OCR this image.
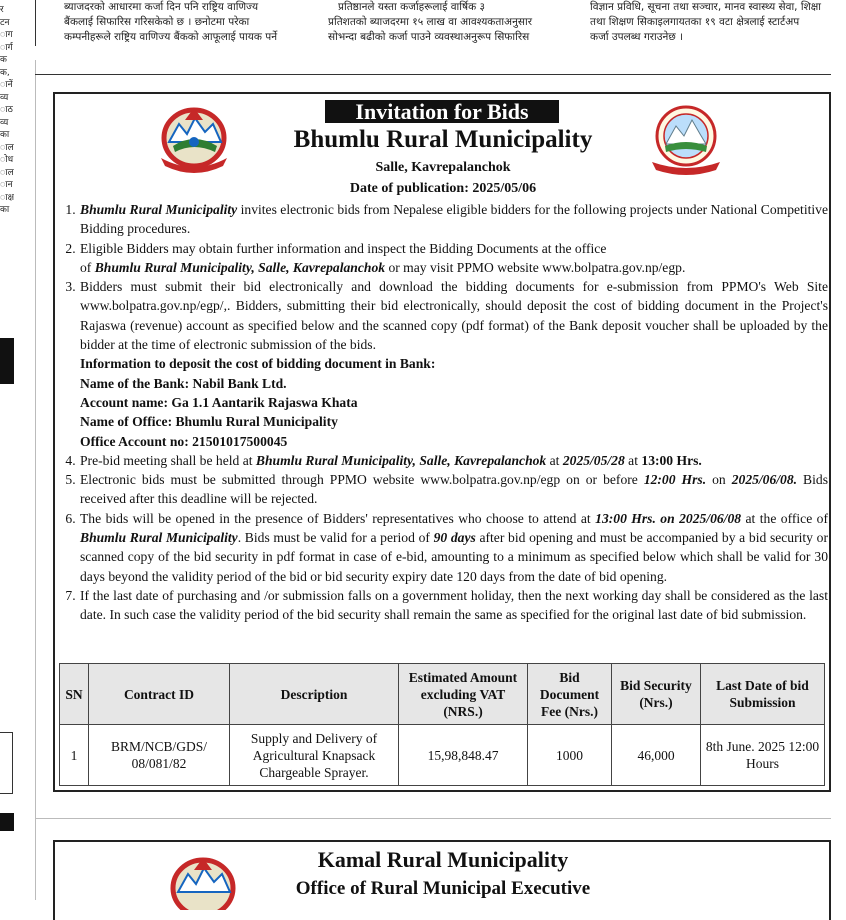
ब्याजदरको आधारमा कर्जा दिन पनि राष्ट्रिय वाणिज्य
बैंकलाई सिफारिस गरिसकेको छ । छनोटमा परेका
कम्पनीहरूले राष्ट्रिय वाणिज्य बैंकको आफूलाई पायक पर्ने
प्रतिष्ठानले यस्ता कर्जाहरूलाई वार्षिक ३
प्रतिशतको ब्याजदरमा १५ लाख वा आवश्यकताअनुसार
सोभन्दा बढीको कर्जा पाउने व्यवस्थाअनुरूप सिफारिस
विज्ञान प्रविधि, सूचना तथा सञ्चार, मानव स्वास्थ्य सेवा, शिक्षा
तथा शिक्षण सिकाइलगायतका १९ वटा क्षेत्रलाई स्टार्टअप
कर्जा उपलब्ध गराउनेछ ।
र
टन
ाग
ार्ग
क
क,
ानें
व्य
ाठ
व्य
का
ाल
ोध
ाल
ान
ाक्ष
का
Invitation for Bids
Bhumlu Rural Municipality
Salle, Kavrepalanchok
Date of publication: 2025/05/06
1. Bhumlu Rural Municipality invites electronic bids from Nepalese eligible bidders for the following projects under National Competitive Bidding procedures.
2. Eligible Bidders may obtain further information and inspect the Bidding Documents at the office
of Bhumlu Rural Municipality, Salle, Kavrepalanchok or may visit PPMO website www.bolpatra.gov.np/egp.
3. Bidders must submit their bid electronically and download the bidding documents for e-submission from PPMO's Web Site www.bolpatra.gov.np/egp/,. Bidders, submitting their bid electronically, should deposit the cost of bidding document in the Project's Rajaswa (revenue) account as specified below and the scanned copy (pdf format) of the Bank deposit voucher shall be uploaded by the bidder at the time of electronic submission of the bids.
Information to deposit the cost of bidding document in Bank:
Name of the Bank: Nabil Bank Ltd.
Account name: Ga 1.1 Aantarik Rajaswa Khata
Name of Office: Bhumlu Rural Municipality
Office Account no: 21501017500045
4. Pre-bid meeting shall be held at Bhumlu Rural Municipality, Salle, Kavrepalanchok at 2025/05/28 at 13:00 Hrs.
5. Electronic bids must be submitted through PPMO website www.bolpatra.gov.np/egp on or before 12:00 Hrs. on 2025/06/08. Bids received after this deadline will be rejected.
6. The bids will be opened in the presence of Bidders' representatives who choose to attend at 13:00 Hrs. on 2025/06/08 at the office of Bhumlu Rural Municipality. Bids must be valid for a period of 90 days after bid opening and must be accompanied by a bid security or scanned copy of the bid security in pdf format in case of e-bid, amounting to a minimum as specified below which shall be valid for 30 days beyond the validity period of the bid or bid security expiry date 120 days from the date of bid opening.
7. If the last date of purchasing and /or submission falls on a government holiday, then the next working day shall be considered as the last date. In such case the validity period of the bid security shall remain the same as specified for the original last date of bid submission.
SN	Contract ID	Description	Estimated Amount excluding VAT (NRS.)	Bid Document Fee (Nrs.)	Bid Security (Nrs.)	Last Date of bid Submission
1	BRM/NCB/GDS/ 08/081/82	Supply and Delivery of Agricultural Knapsack Chargeable Sprayer.	15,98,848.47	1000	46,000	8th June. 2025 12:00 Hours
Kamal Rural Municipality
Office of Rural Municipal Executive
